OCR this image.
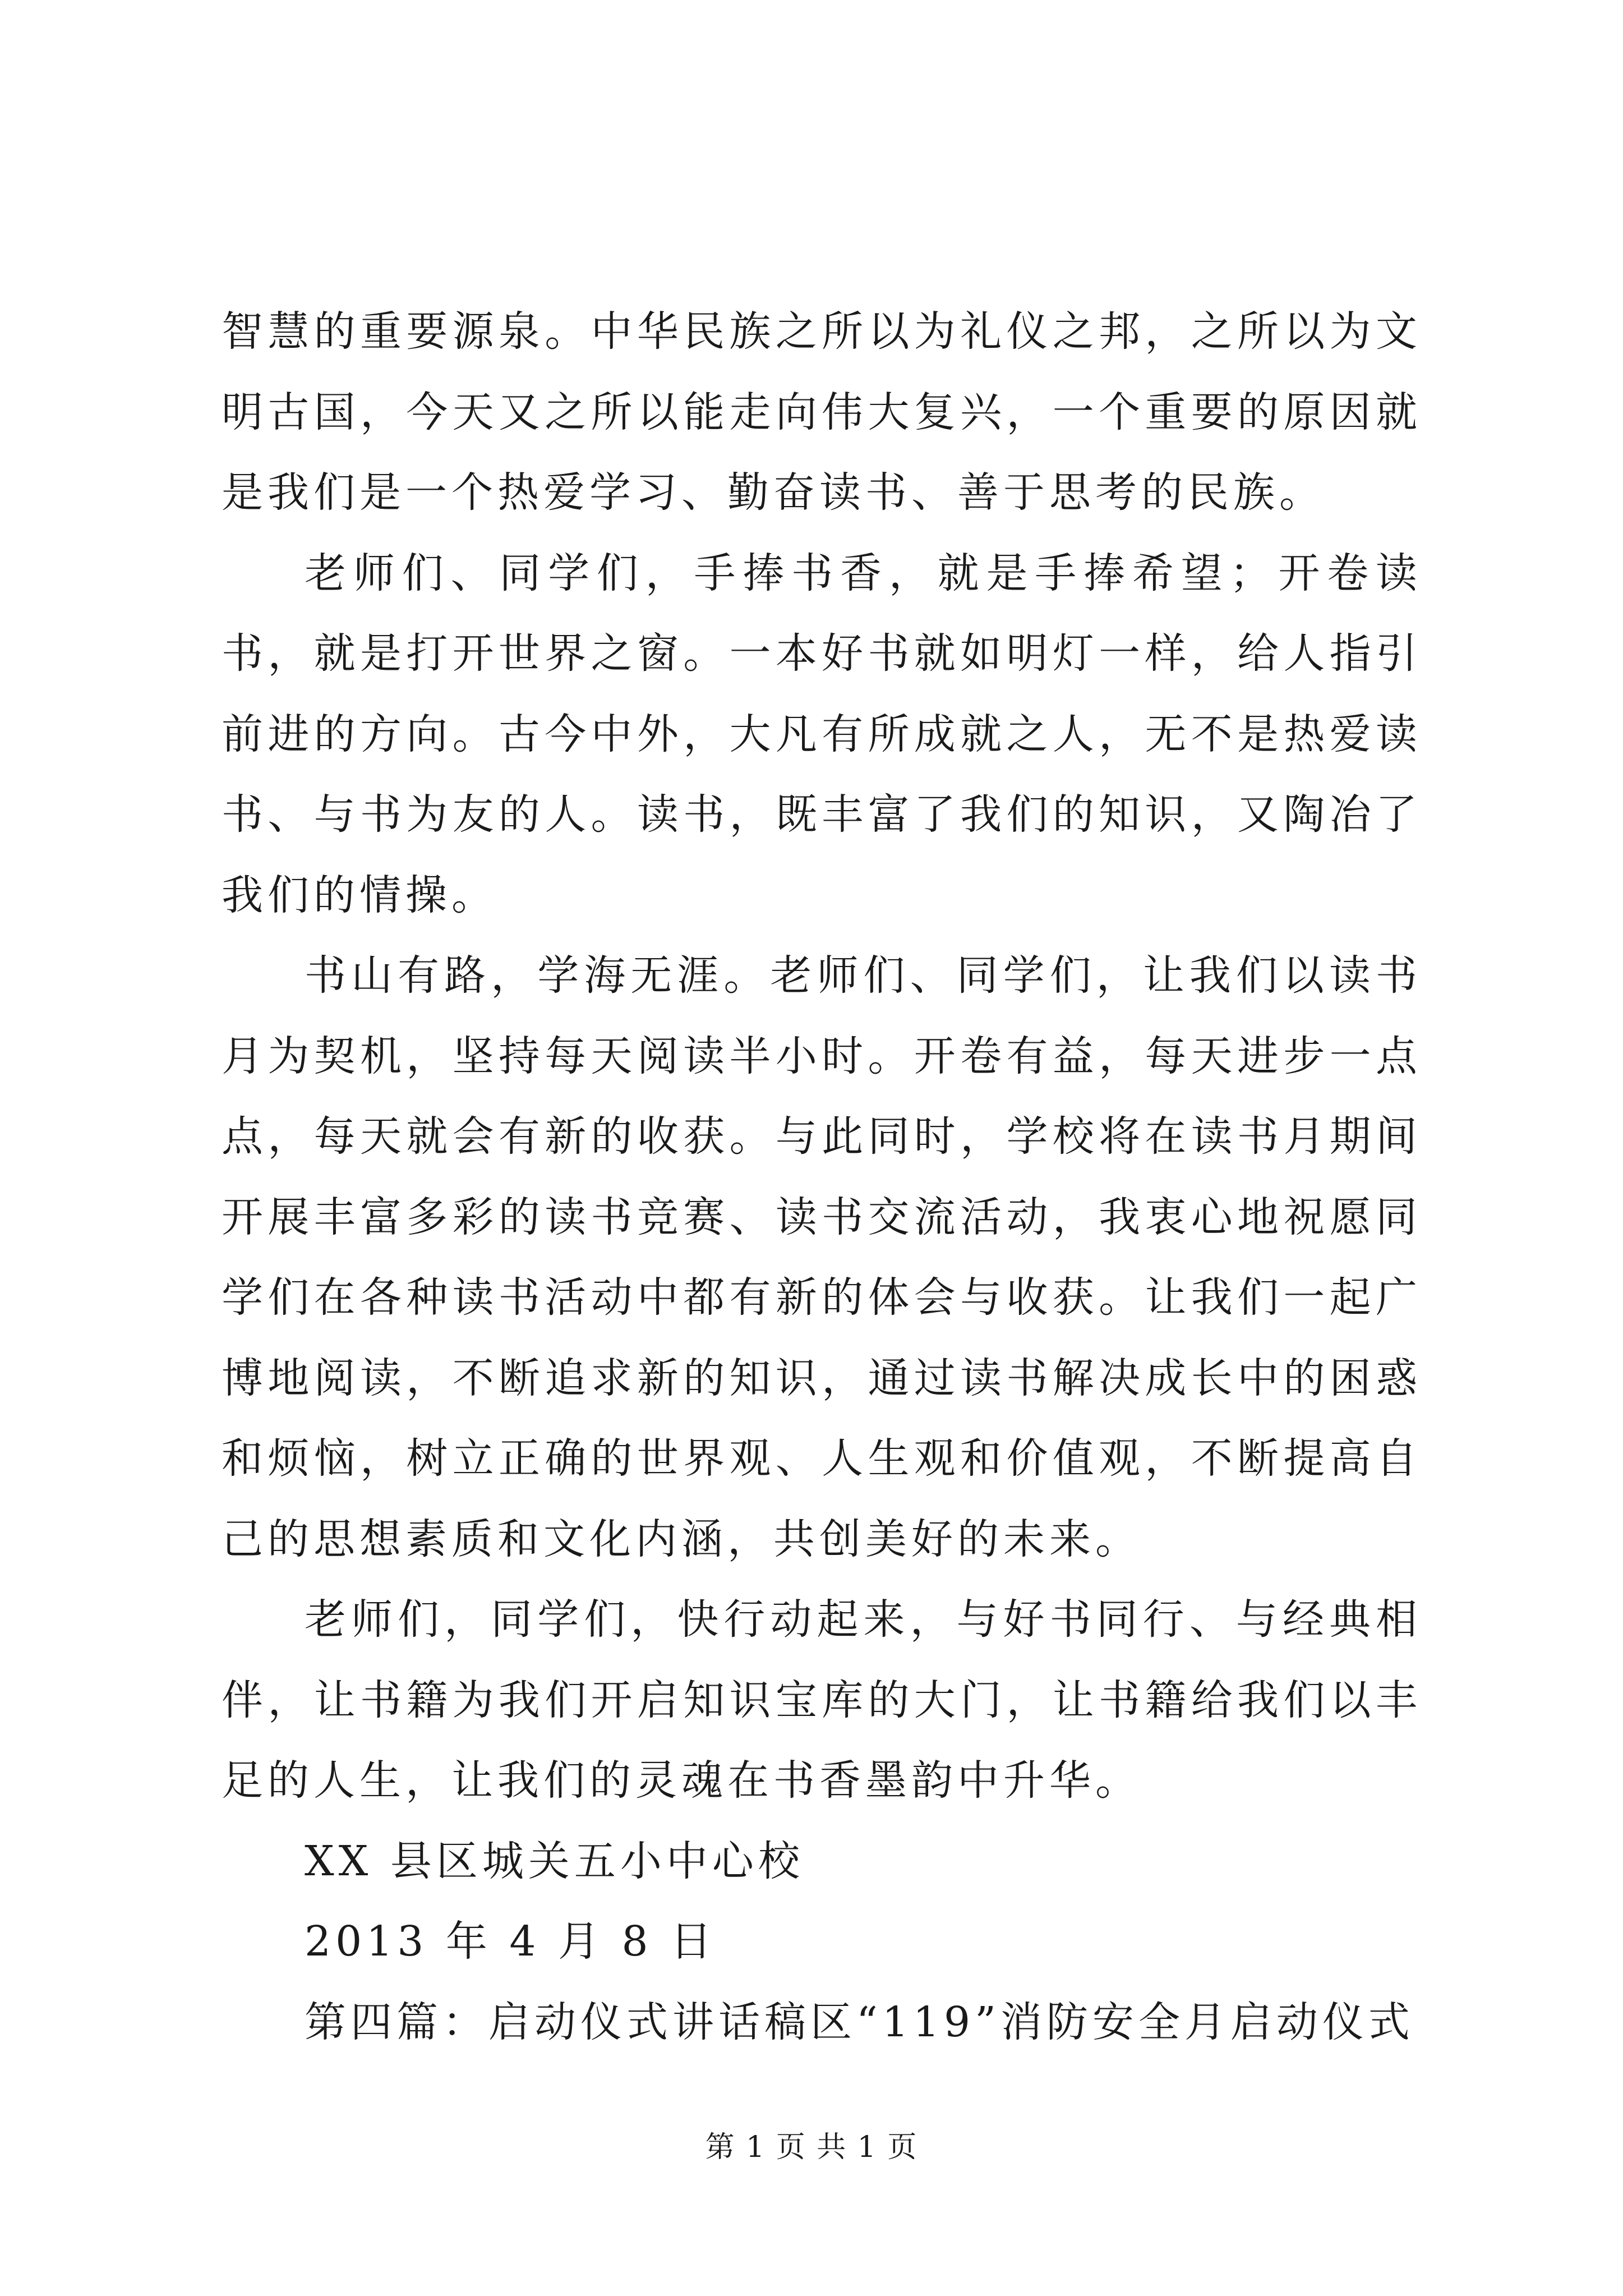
智慧的重要源泉。中华民族之所以为礼仪之邦，之所以为文明古国，今天又之所以能走向伟大复兴，一个重要的原因就是我们是一个热爱学习、勤奋读书、善于思考的民族。

老师们、同学们，手捧书香，就是手捧希望；开卷读书，就是打开世界之窗。一本好书就如明灯一样，给人指引前进的方向。古今中外，大凡有所成就之人，无不是热爱读书、与书为友的人。读书，既丰富了我们的知识，又陶冶了我们的情操。

书山有路，学海无涯。老师们、同学们，让我们以读书月为契机，坚持每天阅读半小时。开卷有益，每天进步一点点，每天就会有新的收获。与此同时，学校将在读书月期间开展丰富多彩的读书竞赛、读书交流活动，我衷心地祝愿同学们在各种读书活动中都有新的体会与收获。让我们一起广博地阅读，不断追求新的知识，通过读书解决成长中的困惑和烦恼，树立正确的世界观、人生观和价值观，不断提高自己的思想素质和文化内涵，共创美好的未来。

老师们，同学们，快行动起来，与好书同行、与经典相伴，让书籍为我们开启知识宝库的大门，让书籍给我们以丰足的人生，让我们的灵魂在书香墨韵中升华。

XX 县区城关五小中心校

2013 年 4 月 8 日

第四篇：启动仪式讲话稿区“119”消防安全月启动仪式

第 1 页 共 1 页
